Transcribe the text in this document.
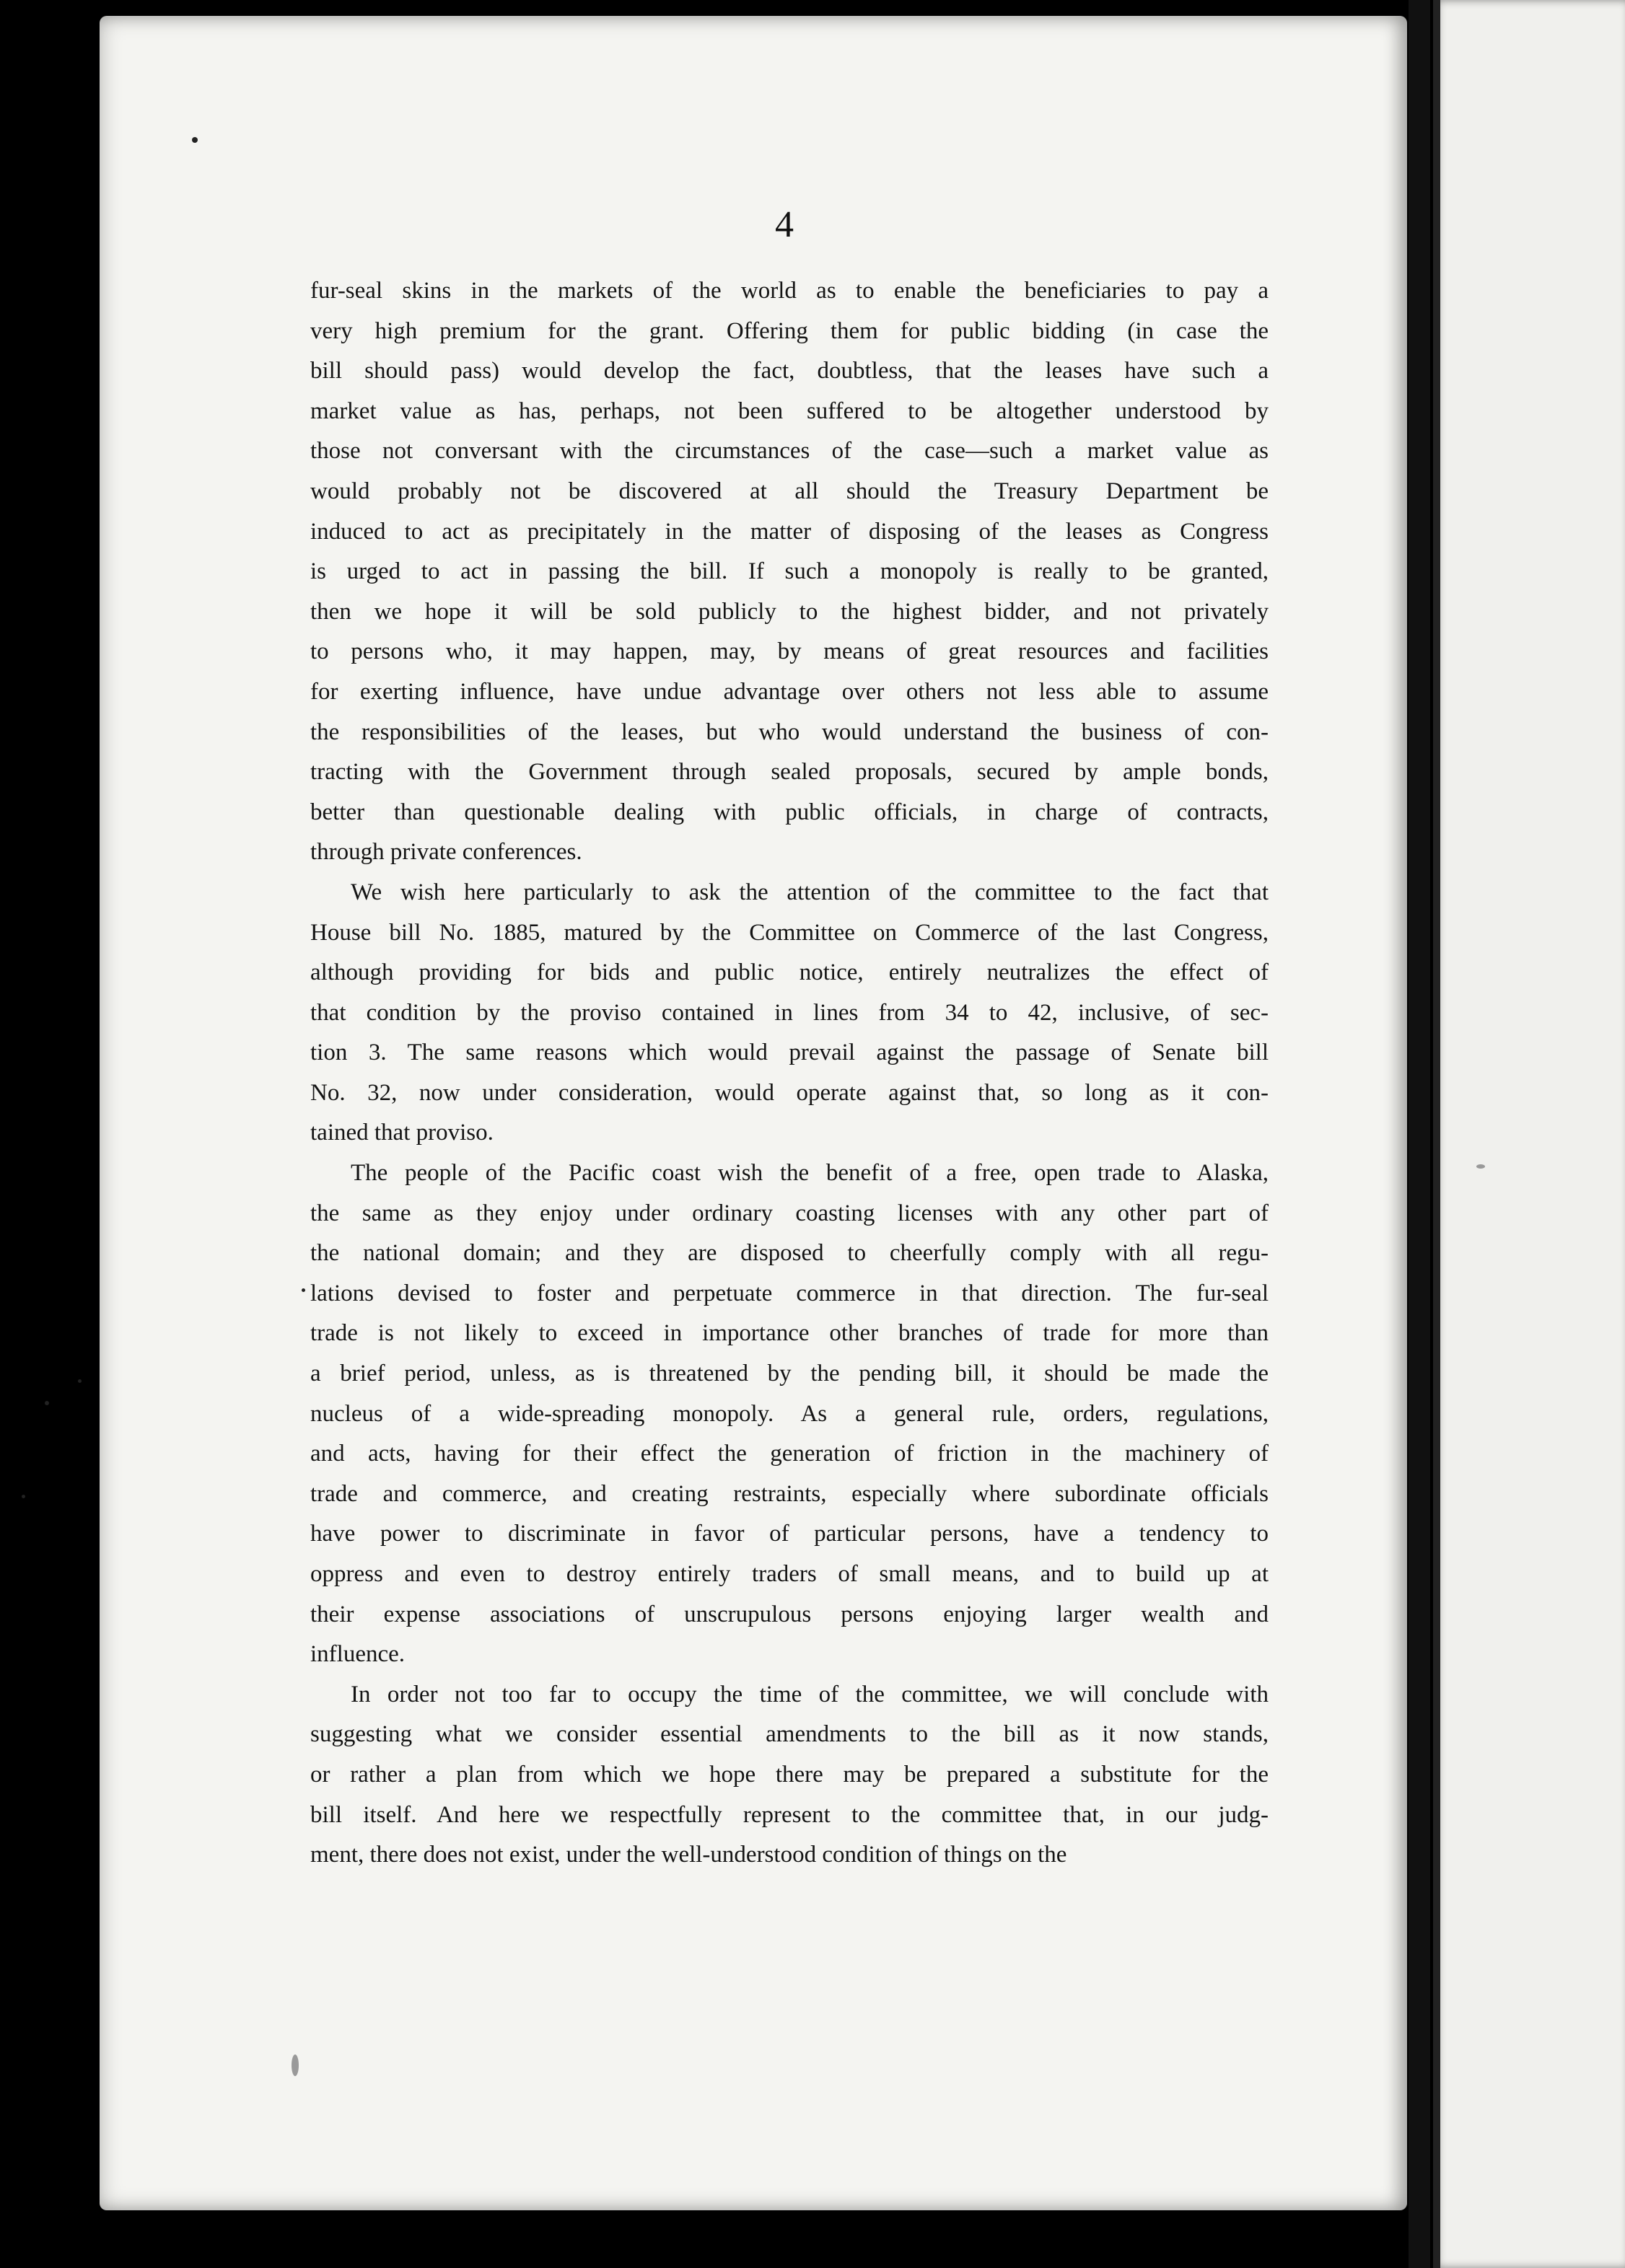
4

fur-seal skins in the markets of the world as to enable the beneficiaries to pay a
very high premium for the grant. Offering them for public bidding (in case the
bill should pass) would develop the fact, doubtless, that the leases have such a
market value as has, perhaps, not been suffered to be altogether understood by
those not conversant with the circumstances of the case—such a market value as
would probably not be discovered at all should the Treasury Department be
induced to act as precipitately in the matter of disposing of the leases as Congress
is urged to act in passing the bill. If such a monopoly is really to be granted,
then we hope it will be sold publicly to the highest bidder, and not privately
to persons who, it may happen, may, by means of great resources and facilities
for exerting influence, have undue advantage over others not less able to assume
the responsibilities of the leases, but who would understand the business of con-
tracting with the Government through sealed proposals, secured by ample bonds,
better than questionable dealing with public officials, in charge of contracts,
through private conferences.

We wish here particularly to ask the attention of the committee to the fact that
House bill No. 1885, matured by the Committee on Commerce of the last Congress,
although providing for bids and public notice, entirely neutralizes the effect of
that condition by the proviso contained in lines from 34 to 42, inclusive, of sec-
tion 3. The same reasons which would prevail against the passage of Senate bill
No. 32, now under consideration, would operate against that, so long as it con-
tained that proviso.

The people of the Pacific coast wish the benefit of a free, open trade to Alaska,
the same as they enjoy under ordinary coasting licenses with any other part of
the national domain; and they are disposed to cheerfully comply with all regu-
lations devised to foster and perpetuate commerce in that direction. The fur-seal
trade is not likely to exceed in importance other branches of trade for more than
a brief period, unless, as is threatened by the pending bill, it should be made the
nucleus of a wide-spreading monopoly. As a general rule, orders, regulations,
and acts, having for their effect the generation of friction in the machinery of
trade and commerce, and creating restraints, especially where subordinate officials
have power to discriminate in favor of particular persons, have a tendency to
oppress and even to destroy entirely traders of small means, and to build up at
their expense associations of unscrupulous persons enjoying larger wealth and
influence.

In order not too far to occupy the time of the committee, we will conclude with
suggesting what we consider essential amendments to the bill as it now stands,
or rather a plan from which we hope there may be prepared a substitute for the
bill itself. And here we respectfully represent to the committee that, in our judg-
ment, there does not exist, under the well-understood condition of things on the
